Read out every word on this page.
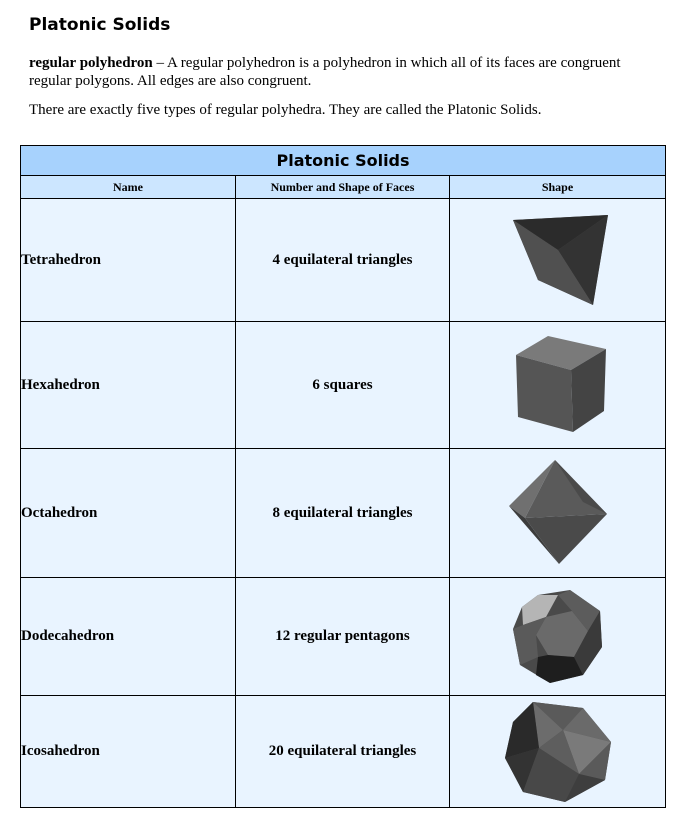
Platonic Solids
regular polyhedron – A regular polyhedron is a polyhedron in which all of its faces are congruent regular polygons. All edges are also congruent.
There are exactly five types of regular polyhedra. They are called the Platonic Solids.
Platonic Solids		
Name	Number and Shape of Faces	Shape
Tetrahedron	4 equilateral triangles	

Hexahedron	6 squares	

Octahedron	8 equilateral triangles	

Dodecahedron	12 regular pentagons	

Icosahedron	20 equilateral triangles	
